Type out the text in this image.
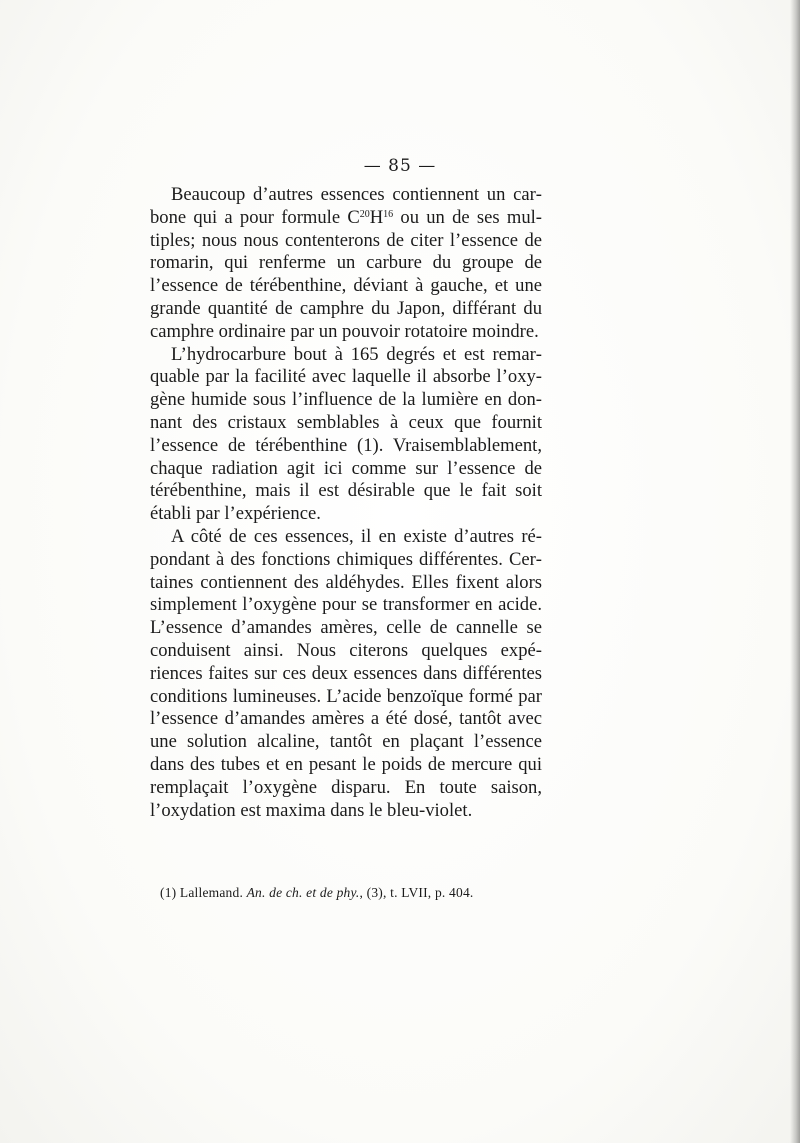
— 85 —

Beaucoup d’autres essences contiennent un carbone qui a pour formule $C^{20}H^{16}$ ou un de ses multiples; nous nous contenterons de citer l’essence de romarin, qui renferme un carbure du groupe de l’essence de térébenthine, déviant à gauche, et une grande quantité de camphre du Japon, différant du camphre ordinaire par un pouvoir rotatoire moindre.

L’hydrocarbure bout à 165 degrés et est remarquable par la facilité avec laquelle il absorbe l’oxygène humide sous l’influence de la lumière en donnant des cristaux semblables à ceux que fournit l’essence de térébenthine (1). Vraisemblablement, chaque radiation agit ici comme sur l’essence de térébenthine, mais il est désirable que le fait soit établi par l’expérience.

A côté de ces essences, il en existe d’autres répondant à des fonctions chimiques différentes. Certaines contiennent des aldéhydes. Elles fixent alors simplement l’oxygène pour se transformer en acide. L’essence d’amandes amères, celle de cannelle se conduisent ainsi. Nous citerons quelques expériences faites sur ces deux essences dans différentes conditions lumineuses. L’acide benzoïque formé par l’essence d’amandes amères a été dosé, tantôt avec une solution alcaline, tantôt en plaçant l’essence dans des tubes et en pesant le poids de mercure qui remplaçait l’oxygène disparu. En toute saison, l’oxydation est maxima dans le bleu-violet.

(1) Lallemand. An. de ch. et de phy., (3), t. LVII, p. 404.
